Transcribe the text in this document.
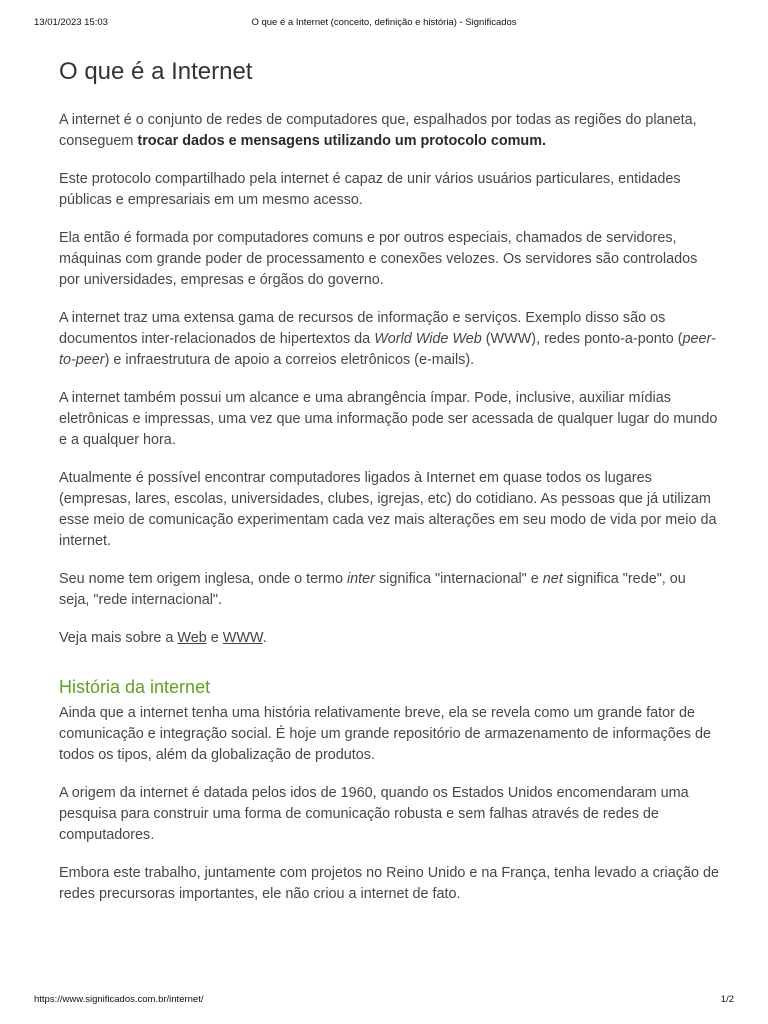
13/01/2023 15:03	O que é a Internet (conceito, definição e história) - Significados
O que é a Internet

A internet é o conjunto de redes de computadores que, espalhados por todas as regiões do planeta, conseguem trocar dados e mensagens utilizando um protocolo comum.

Este protocolo compartilhado pela internet é capaz de unir vários usuários particulares, entidades públicas e empresariais em um mesmo acesso.

Ela então é formada por computadores comuns e por outros especiais, chamados de servidores, máquinas com grande poder de processamento e conexões velozes. Os servidores são controlados por universidades, empresas e órgãos do governo.

A internet traz uma extensa gama de recursos de informação e serviços. Exemplo disso são os documentos inter-relacionados de hipertextos da World Wide Web (WWW), redes ponto-a-ponto (peer-to-peer) e infraestrutura de apoio a correios eletrônicos (e-mails).

A internet também possui um alcance e uma abrangência ímpar. Pode, inclusive, auxiliar mídias eletrônicas e impressas, uma vez que uma informação pode ser acessada de qualquer lugar do mundo e a qualquer hora.

Atualmente é possível encontrar computadores ligados à Internet em quase todos os lugares (empresas, lares, escolas, universidades, clubes, igrejas, etc) do cotidiano. As pessoas que já utilizam esse meio de comunicação experimentam cada vez mais alterações em seu modo de vida por meio da internet.

Seu nome tem origem inglesa, onde o termo inter significa "internacional" e net significa "rede", ou seja, "rede internacional".

Veja mais sobre a Web e WWW.

História da internet

Ainda que a internet tenha uma história relativamente breve, ela se revela como um grande fator de comunicação e integração social. É hoje um grande repositório de armazenamento de informações de todos os tipos, além da globalização de produtos.

A origem da internet é datada pelos idos de 1960, quando os Estados Unidos encomendaram uma pesquisa para construir uma forma de comunicação robusta e sem falhas através de redes de computadores.

Embora este trabalho, juntamente com projetos no Reino Unido e na França, tenha levado a criação de redes precursoras importantes, ele não criou a internet de fato.

https://www.significados.com.br/internet/	1/2
